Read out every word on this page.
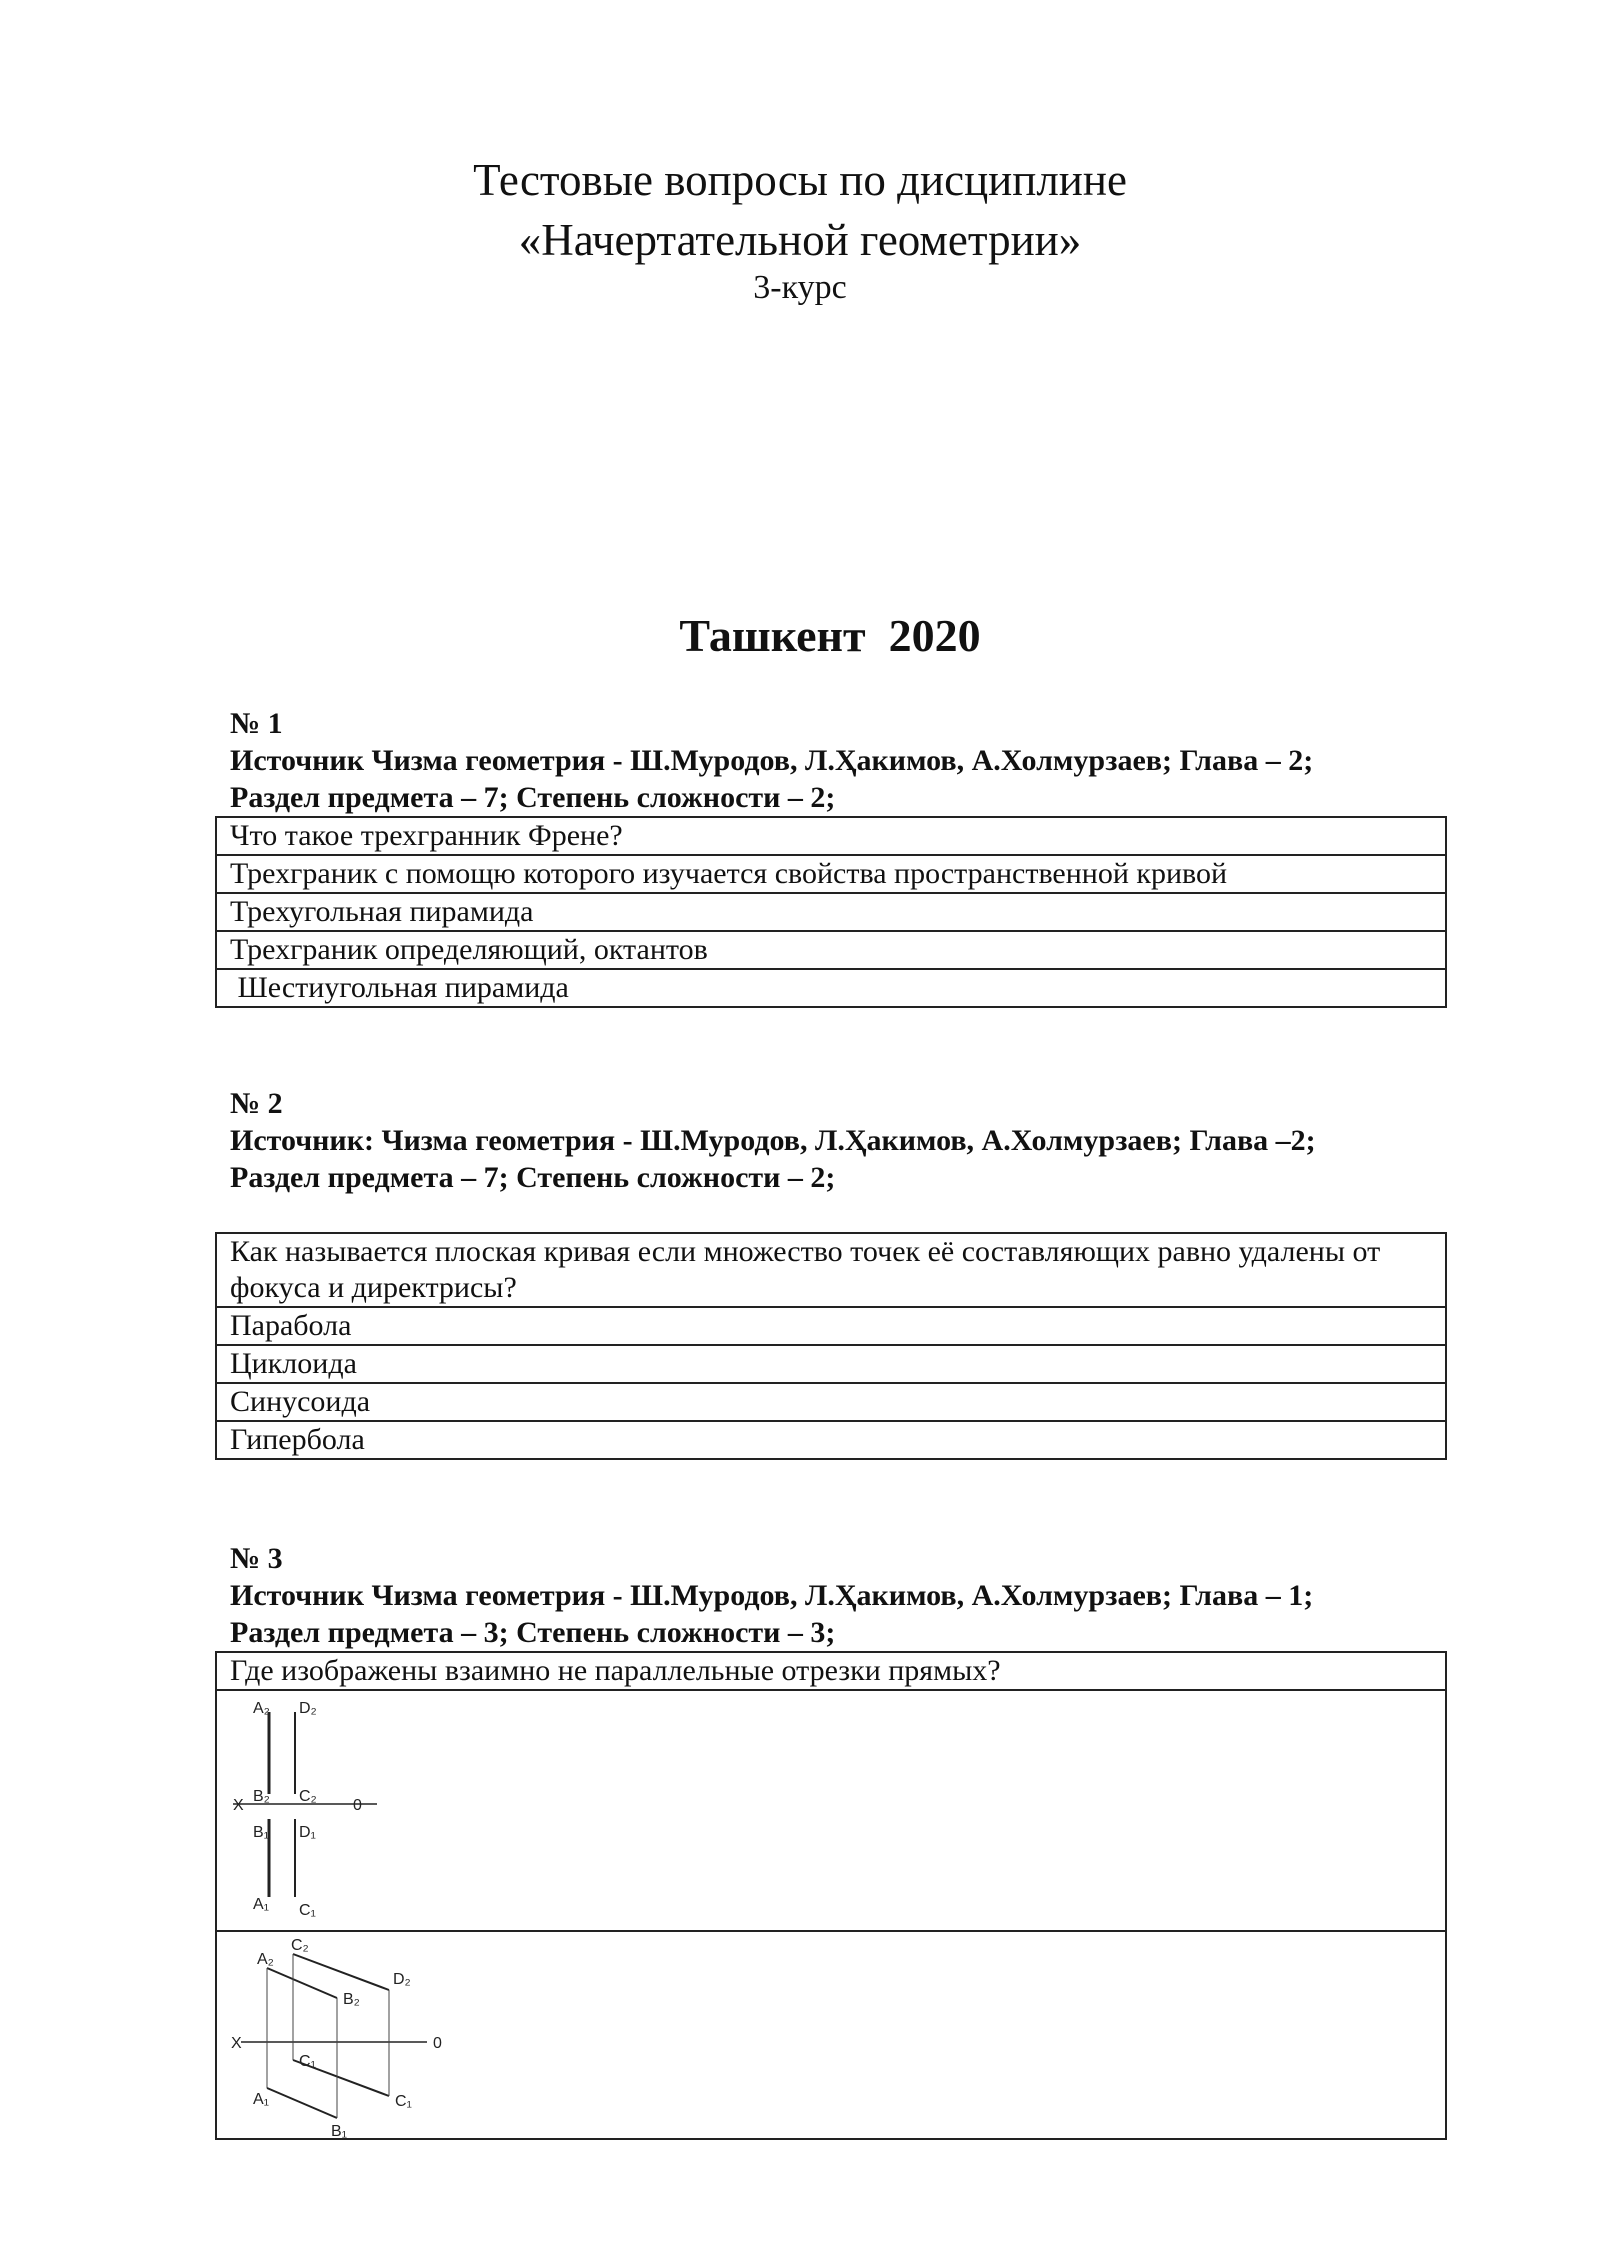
Тестовые вопросы по дисциплине
«Начертательной геометрии»
3-курс
Ташкент  2020
№ 1
Источник Чизма геометрия - Ш.Муродов, Л.Ҳакимов, А.Холмурзаев; Глава – 2;
Раздел предмета – 7; Степень сложности – 2;
Что такое трехгранник Френе?
Трехграник с помощю которого изучается свойства пространственной кривой
Трехугольная пирамида
Трехграник определяющий, октантов
Шестиугольная пирамида
№ 2
Источник: Чизма геометрия - Ш.Муродов, Л.Ҳакимов, А.Холмурзаев; Глава –2;
Раздел предмета – 7; Степень сложности – 2;
Как называется плоская кривая если множество точек её составляющих равно удалены от фокуса и директрисы?
Парабола
Циклоида
Синусоида
Гипербола
№ 3
Источник Чизма геометрия - Ш.Муродов, Л.Ҳакимов, А.Холмурзаев; Глава – 1;
Раздел предмета – 3; Степень сложности – 3;
Где изображены взаимно не параллельные отрезки прямых?

A₂ D₂
X
B₂ C₂
0
B₁ D₁
A₁ C₁

C₂
A₂
D₂
B₂
X	0
C₁
A₁	C₁
B₁
